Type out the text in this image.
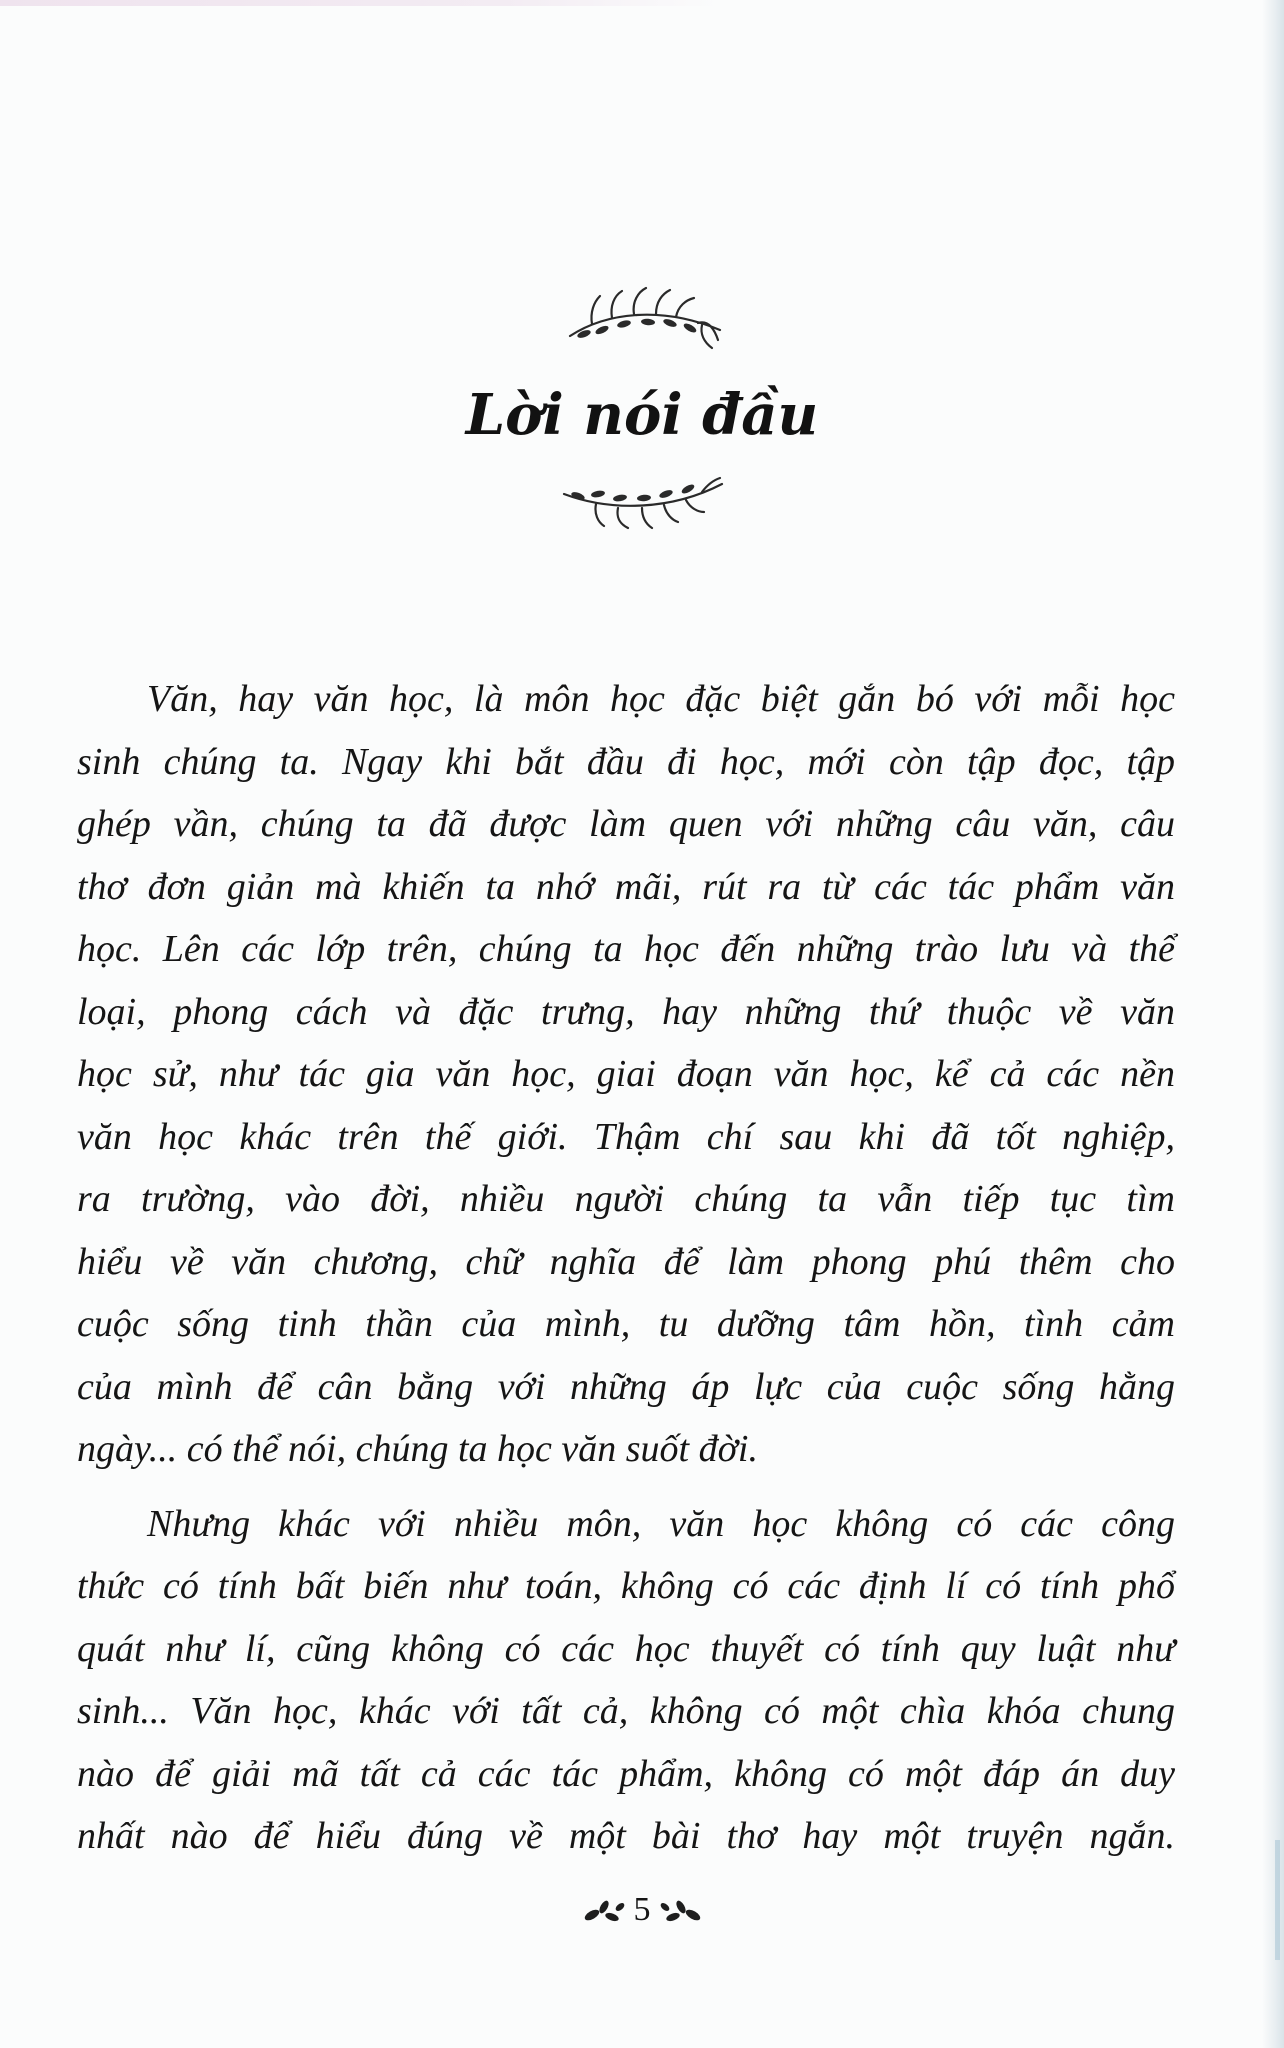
Lời nói đầu
Văn, hay văn học, là môn học đặc biệt gắn bó với mỗi học
sinh chúng ta. Ngay khi bắt đầu đi học, mới còn tập đọc, tập
ghép vần, chúng ta đã được làm quen với những câu văn, câu
thơ đơn giản mà khiến ta nhớ mãi, rút ra từ các tác phẩm văn
học. Lên các lớp trên, chúng ta học đến những trào lưu và thể
loại, phong cách và đặc trưng, hay những thứ thuộc về văn
học sử, như tác gia văn học, giai đoạn văn học, kể cả các nền
văn học khác trên thế giới. Thậm chí sau khi đã tốt nghiệp,
ra trường, vào đời, nhiều người chúng ta vẫn tiếp tục tìm
hiểu về văn chương, chữ nghĩa để làm phong phú thêm cho
cuộc sống tinh thần của mình, tu dưỡng tâm hồn, tình cảm
của mình để cân bằng với những áp lực của cuộc sống hằng
ngày... có thể nói, chúng ta học văn suốt đời.
Nhưng khác với nhiều môn, văn học không có các công
thức có tính bất biến như toán, không có các định lí có tính phổ
quát như lí, cũng không có các học thuyết có tính quy luật như
sinh... Văn học, khác với tất cả, không có một chìa khóa chung
nào để giải mã tất cả các tác phẩm, không có một đáp án duy
nhất nào để hiểu đúng về một bài thơ hay một truyện ngắn.
5
